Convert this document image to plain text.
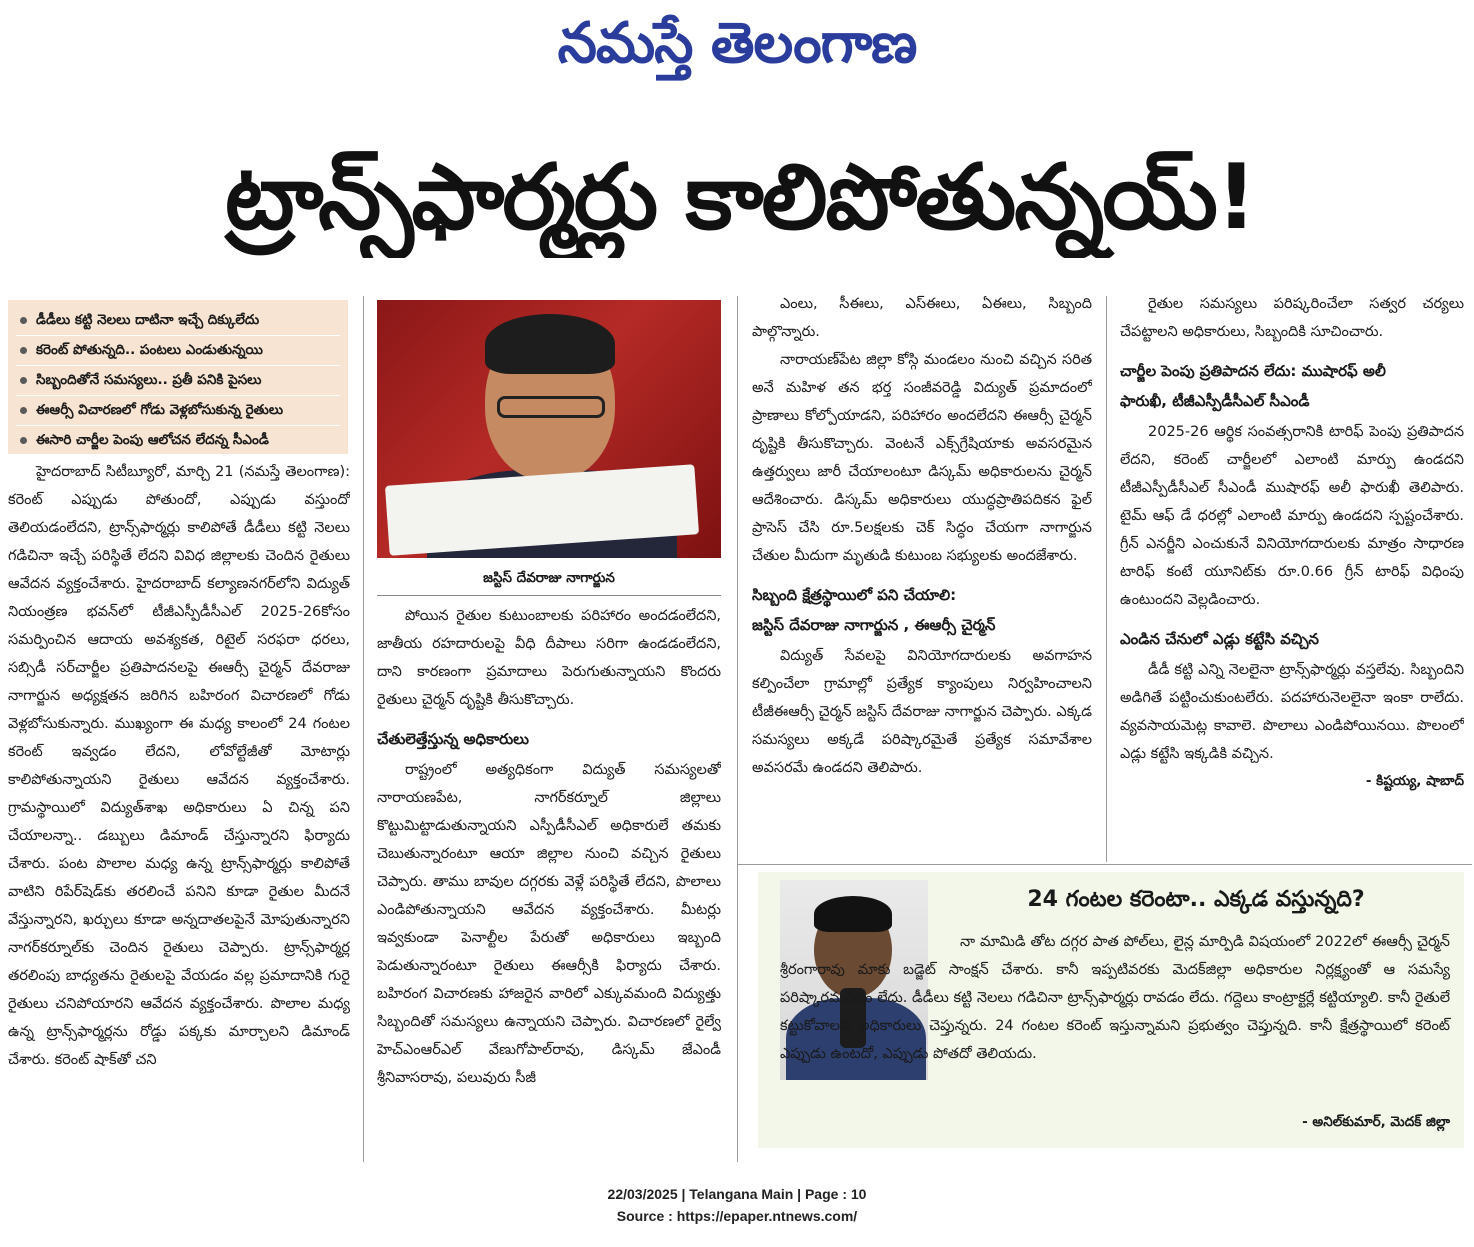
నమస్తే తెలంగాణ
ట్రాన్స్‌ఫార్మర్లు కాలిపోతున్నయ్!
డీడీలు కట్టి నెలలు దాటినా ఇచ్చే దిక్కులేదు
కరెంట్ పోతున్నది.. పంటలు ఎండుతున్నయి
సిబ్బందితోనే సమస్యలు.. ప్రతీ పనికి పైసలు
ఈఆర్సీ విచారణలో గోడు వెళ్లబోసుకున్న రైతులు
ఈసారి చార్జీల పెంపు ఆలోచన లేదన్న సీఎండీ

హైదరాబాద్ సిటీబ్యూరో, మార్చి 21 (నమస్తే తెలంగాణ): కరెంట్ ఎప్పుడు పోతుందో, ఎప్పుడు వస్తుందో తెలియడంలేదని, ట్రాన్స్‌ఫార్మర్లు కాలిపోతే డీడీలు కట్టి నెలలు గడిచినా ఇచ్చే పరిస్థితే లేదని వివిధ జిల్లాలకు చెందిన రైతులు ఆవేదన వ్యక్తంచేశారు. హైదరాబాద్ కల్యాణనగర్‌లోని విద్యుత్ నియంత్రణ భవన్‌లో టీజీఎస్పీడీసీఎల్ 2025-26కోసం సమర్పించిన ఆదాయ అవశ్యకత, రిటైల్ సరఫరా ధరలు, సబ్సిడీ సర్‌చార్జీల ప్రతిపాదనలపై ఈఆర్సీ చైర్మన్ దేవరాజు నాగార్జున అధ్యక్షతన జరిగిన బహిరంగ విచారణలో గోడు వెళ్లబోసుకున్నారు. ముఖ్యంగా ఈ మధ్య కాలంలో 24 గంటల కరెంట్ ఇవ్వడం లేదని, లోవోల్టేజీతో మోటార్లు కాలిపోతున్నాయని రైతులు ఆవేదన వ్యక్తంచేశారు. గ్రామస్థాయిలో విద్యుత్‌శాఖ అధికారులు ఏ చిన్న పని చేయాలన్నా.. డబ్బులు డిమాండ్ చేస్తున్నారని ఫిర్యాదు చేశారు. పంట పొలాల మధ్య ఉన్న ట్రాన్స్‌ఫార్మర్లు కాలిపోతే వాటిని రిపేర్‌షెడ్‌కు తరలించే పనిని కూడా రైతుల మీదనే వేస్తున్నారని, ఖర్చులు కూడా అన్నదాతలపైనే మోపుతున్నారని నాగర్‌కర్నూల్‌కు చెందిన రైతులు చెప్పారు. ట్రాన్స్‌ఫార్మర్ల తరలింపు బాధ్యతను రైతులపై వేయడం వల్ల ప్రమాదానికి గురై రైతులు చనిపోయారని ఆవేదన వ్యక్తంచేశారు. పొలాల మధ్య ఉన్న ట్రాన్స్‌ఫార్మర్లను రోడ్డు పక్కకు మార్చాలని డిమాండ్ చేశారు. కరెంట్ షాక్‌తో చని

జస్టిస్ దేవరాజు నాగార్జున

పోయిన రైతుల కుటుంబాలకు పరిహారం అందడంలేదని, జాతీయ రహదారులపై వీధి దీపాలు సరిగా ఉండడంలేదని, దాని కారణంగా ప్రమాదాలు పెరుగుతున్నాయని కొందరు రైతులు చైర్మన్ దృష్టికి తీసుకొచ్చారు.

చేతులెత్తేస్తున్న అధికారులు

రాష్ట్రంలో అత్యధికంగా విద్యుత్ సమస్యలతో నారాయణపేట, నాగర్‌కర్నూల్ జిల్లాలు కొట్టుమిట్టాడుతున్నాయని ఎస్పీడీసీఎల్ అధికారులే తమకు చెబుతున్నారంటూ ఆయా జిల్లాల నుంచి వచ్చిన రైతులు చెప్పారు. తాము బావుల దగ్గరకు వెళ్లే పరిస్థితే లేదని, పొలాలు ఎండిపోతున్నాయని ఆవేదన వ్యక్తంచేశారు. మీటర్లు ఇవ్వకుండా పెనాల్టీల పేరుతో అధికారులు ఇబ్బంది పెడుతున్నారంటూ రైతులు ఈఆర్సీకి ఫిర్యాదు చేశారు. బహిరంగ విచారణకు హాజరైన వారిలో ఎక్కువమంది విద్యుత్తు సిబ్బందితో సమస్యలు ఉన్నాయని చెప్పారు. విచారణలో రైల్వే హెచ్‌ఎంఆర్‌ఎల్ వేణుగోపాల్‌రావు, డిస్కమ్ జేఎండీ శ్రీనివాసరావు, పలువురు సీజీ

ఎంలు, సీఈలు, ఎస్ఈలు, ఏఈలు, సిబ్బంది పాల్గొన్నారు.

నారాయణ్‌పేట జిల్లా కోస్గి మండలం నుంచి వచ్చిన సరిత అనే మహిళ తన భర్త సంజీవరెడ్డి విద్యుత్ ప్రమాదంలో ప్రాణాలు కోల్పోయాడని, పరిహారం అందలేదని ఈఆర్సీ చైర్మన్ దృష్టికి తీసుకొచ్చారు. వెంటనే ఎక్స్‌గ్రేషియాకు అవసరమైన ఉత్తర్వులు జారీ చేయాలంటూ డిస్కమ్ అధికారులను చైర్మన్ ఆదేశించారు. డిస్కమ్ అధికారులు యుద్ధప్రాతిపదికన ఫైల్ ప్రాసెస్ చేసి రూ.5లక్షలకు చెక్ సిద్ధం చేయగా నాగార్జున చేతుల మీదుగా మృతుడి కుటుంబ సభ్యులకు అందజేశారు.

సిబ్బంది క్షేత్రస్థాయిలో పని చేయాలి:
జస్టిస్ దేవరాజు నాగార్జున , ఈఆర్సీ చైర్మన్

విద్యుత్ సేవలపై వినియోగదారులకు అవగాహన కల్పించేలా గ్రామాల్లో ప్రత్యేక క్యాంపులు నిర్వహించాలని టీజీఈఆర్సీ చైర్మన్ జస్టిస్ దేవరాజు నాగార్జున చెప్పారు. ఎక్కడ సమస్యలు అక్కడే పరిష్కారమైతే ప్రత్యేక సమావేశాల అవసరమే ఉండదని తెలిపారు.

రైతుల సమస్యలు పరిష్కరించేలా సత్వర చర్యలు చేపట్టాలని అధికారులు, సిబ్బందికి సూచించారు.

చార్జీల పెంపు ప్రతిపాదన లేదు: ముషారఫ్ అలీ
ఫారుఖీ, టీజీఎస్పీడీసీఎల్ సీఎండీ

2025-26 ఆర్థిక సంవత్సరానికి టారిఫ్ పెంపు ప్రతిపాదన లేదని, కరెంట్ చార్జీలలో ఎలాంటి మార్పు ఉండదని టీజీఎస్పీడీసీఎల్ సీఎండీ ముషారఫ్ అలీ ఫారుఖీ తెలిపారు. టైమ్ ఆఫ్ డే ధరల్లో ఎలాంటి మార్పు ఉండదని స్పష్టంచేశారు. గ్రీన్ ఎనర్జీని ఎంచుకునే వినియోగదారులకు మాత్రం సాధారణ టారిఫ్ కంటే యూనిట్‌కు రూ.0.66 గ్రీన్ టారిఫ్ విధింపు ఉంటుందని వెల్లడించారు.

ఎండిన చేనులో ఎడ్లు కట్టేసి వచ్చిన

డీడీ కట్టి ఎన్ని నెలలైనా ట్రాన్స్‌ఫార్మర్లు వస్తలేవు. సిబ్బందిని అడిగితే పట్టించుకుంటలేరు. పదహారునెలలైనా ఇంకా రాలేదు. వ్యవసాయమెట్ల కావాలె. పొలాలు ఎండిపోయినయి. పొలంలో ఎడ్లు కట్టేసి ఇక్కడికి వచ్చిన.

- కిష్టయ్య, షాబాద్
24 గంటల కరెంటా.. ఎక్కడ వస్తున్నది?

నా మామిడి తోట దగ్గర పాత పోల్‌లు, లైన్ల మార్పిడి విషయంలో 2022లో ఈఆర్సీ చైర్మన్ శ్రీరంగారావు మాకు బడ్జెట్ సాంక్షన్ చేశారు. కానీ ఇప్పటివరకు మెదక్‌జిల్లా అధికారుల నిర్లక్ష్యంతో ఆ సమస్యే పరిష్కారమవడం లేదు. డీడీలు కట్టి నెలలు గడిచినా ట్రాన్స్‌ఫార్మర్లు రావడం లేదు. గద్దెలు కాంట్రాక్టర్లే కట్టియ్యాలి. కానీ రైతులే కట్టుకోవాలని అధికారులు చెప్తున్నరు. 24 గంటల కరెంట్ ఇస్తున్నామని ప్రభుత్వం చెప్తున్నది. కానీ క్షేత్రస్థాయిలో కరెంట్ ఎప్పుడు ఉంటదో, ఎప్పుడు పోతదో తెలియదు.

- అనిల్‌కుమార్, మెదక్ జిల్లా
22/03/2025 | Telangana Main | Page : 10
Source : https://epaper.ntnews.com/
